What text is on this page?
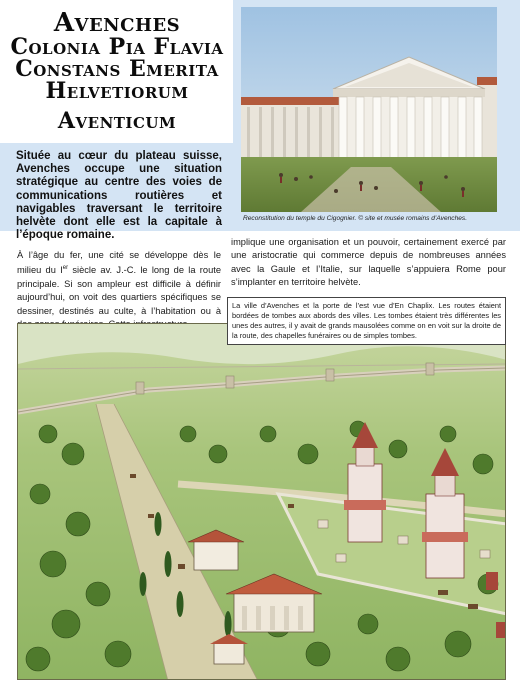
Avenches
Colonia Pia Flavia
Constans Emerita
Helvetiorum
Aventicum
Située au cœur du plateau suisse, Avenches occupe une situation stratégique au centre des voies de communications routières et navigables traversant le territoire helvète dont elle est la capitale à l’époque romaine.
Reconstitution du temple du Cigognier. © site et musée romains d’Avenches.
À l’âge du fer, une cité se développe dès le milieu du Ier siècle av. J.-C. le long de la route principale. Si son ampleur est difficile à définir aujourd’hui, on voit des quartiers spécifiques se dessiner, destinés au culte, à l’habitation ou à
implique une organisation et un pouvoir, certainement exercé par une aristocratie qui commerce depuis de nombreuses années avec la Gaule et l’Italie, sur laquelle s’appuiera Rome pour s’implanter en territoire helvète.
La ville d’Avenches et la porte de l’est vue d’En Chaplix. Les routes étaient bordées de tombes aux abords des villes. Les tombes étaient très différentes les unes des autres, il y avait de grands mausolées comme on en voit sur la droite de la route, des chapelles funéraires ou de simples tombes.
